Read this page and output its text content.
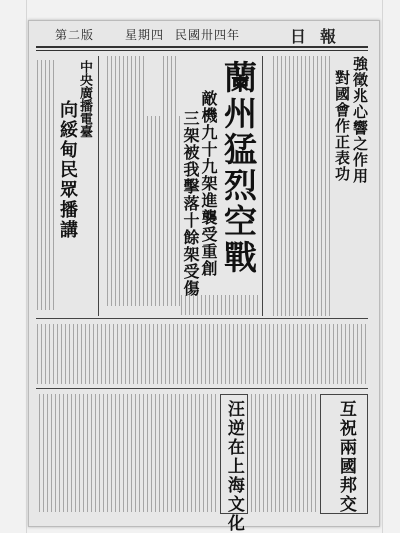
日報
民國卅四年
星期四
第二版
強徵兆心響之作用
對國會作正表功
蘭州猛烈空戰
敵機九十九架進襲受重創
三架被我擊落十餘架受傷
中央廣播電臺
向綏甸民眾播講
互祝兩國邦交
汪逆在上海文化
